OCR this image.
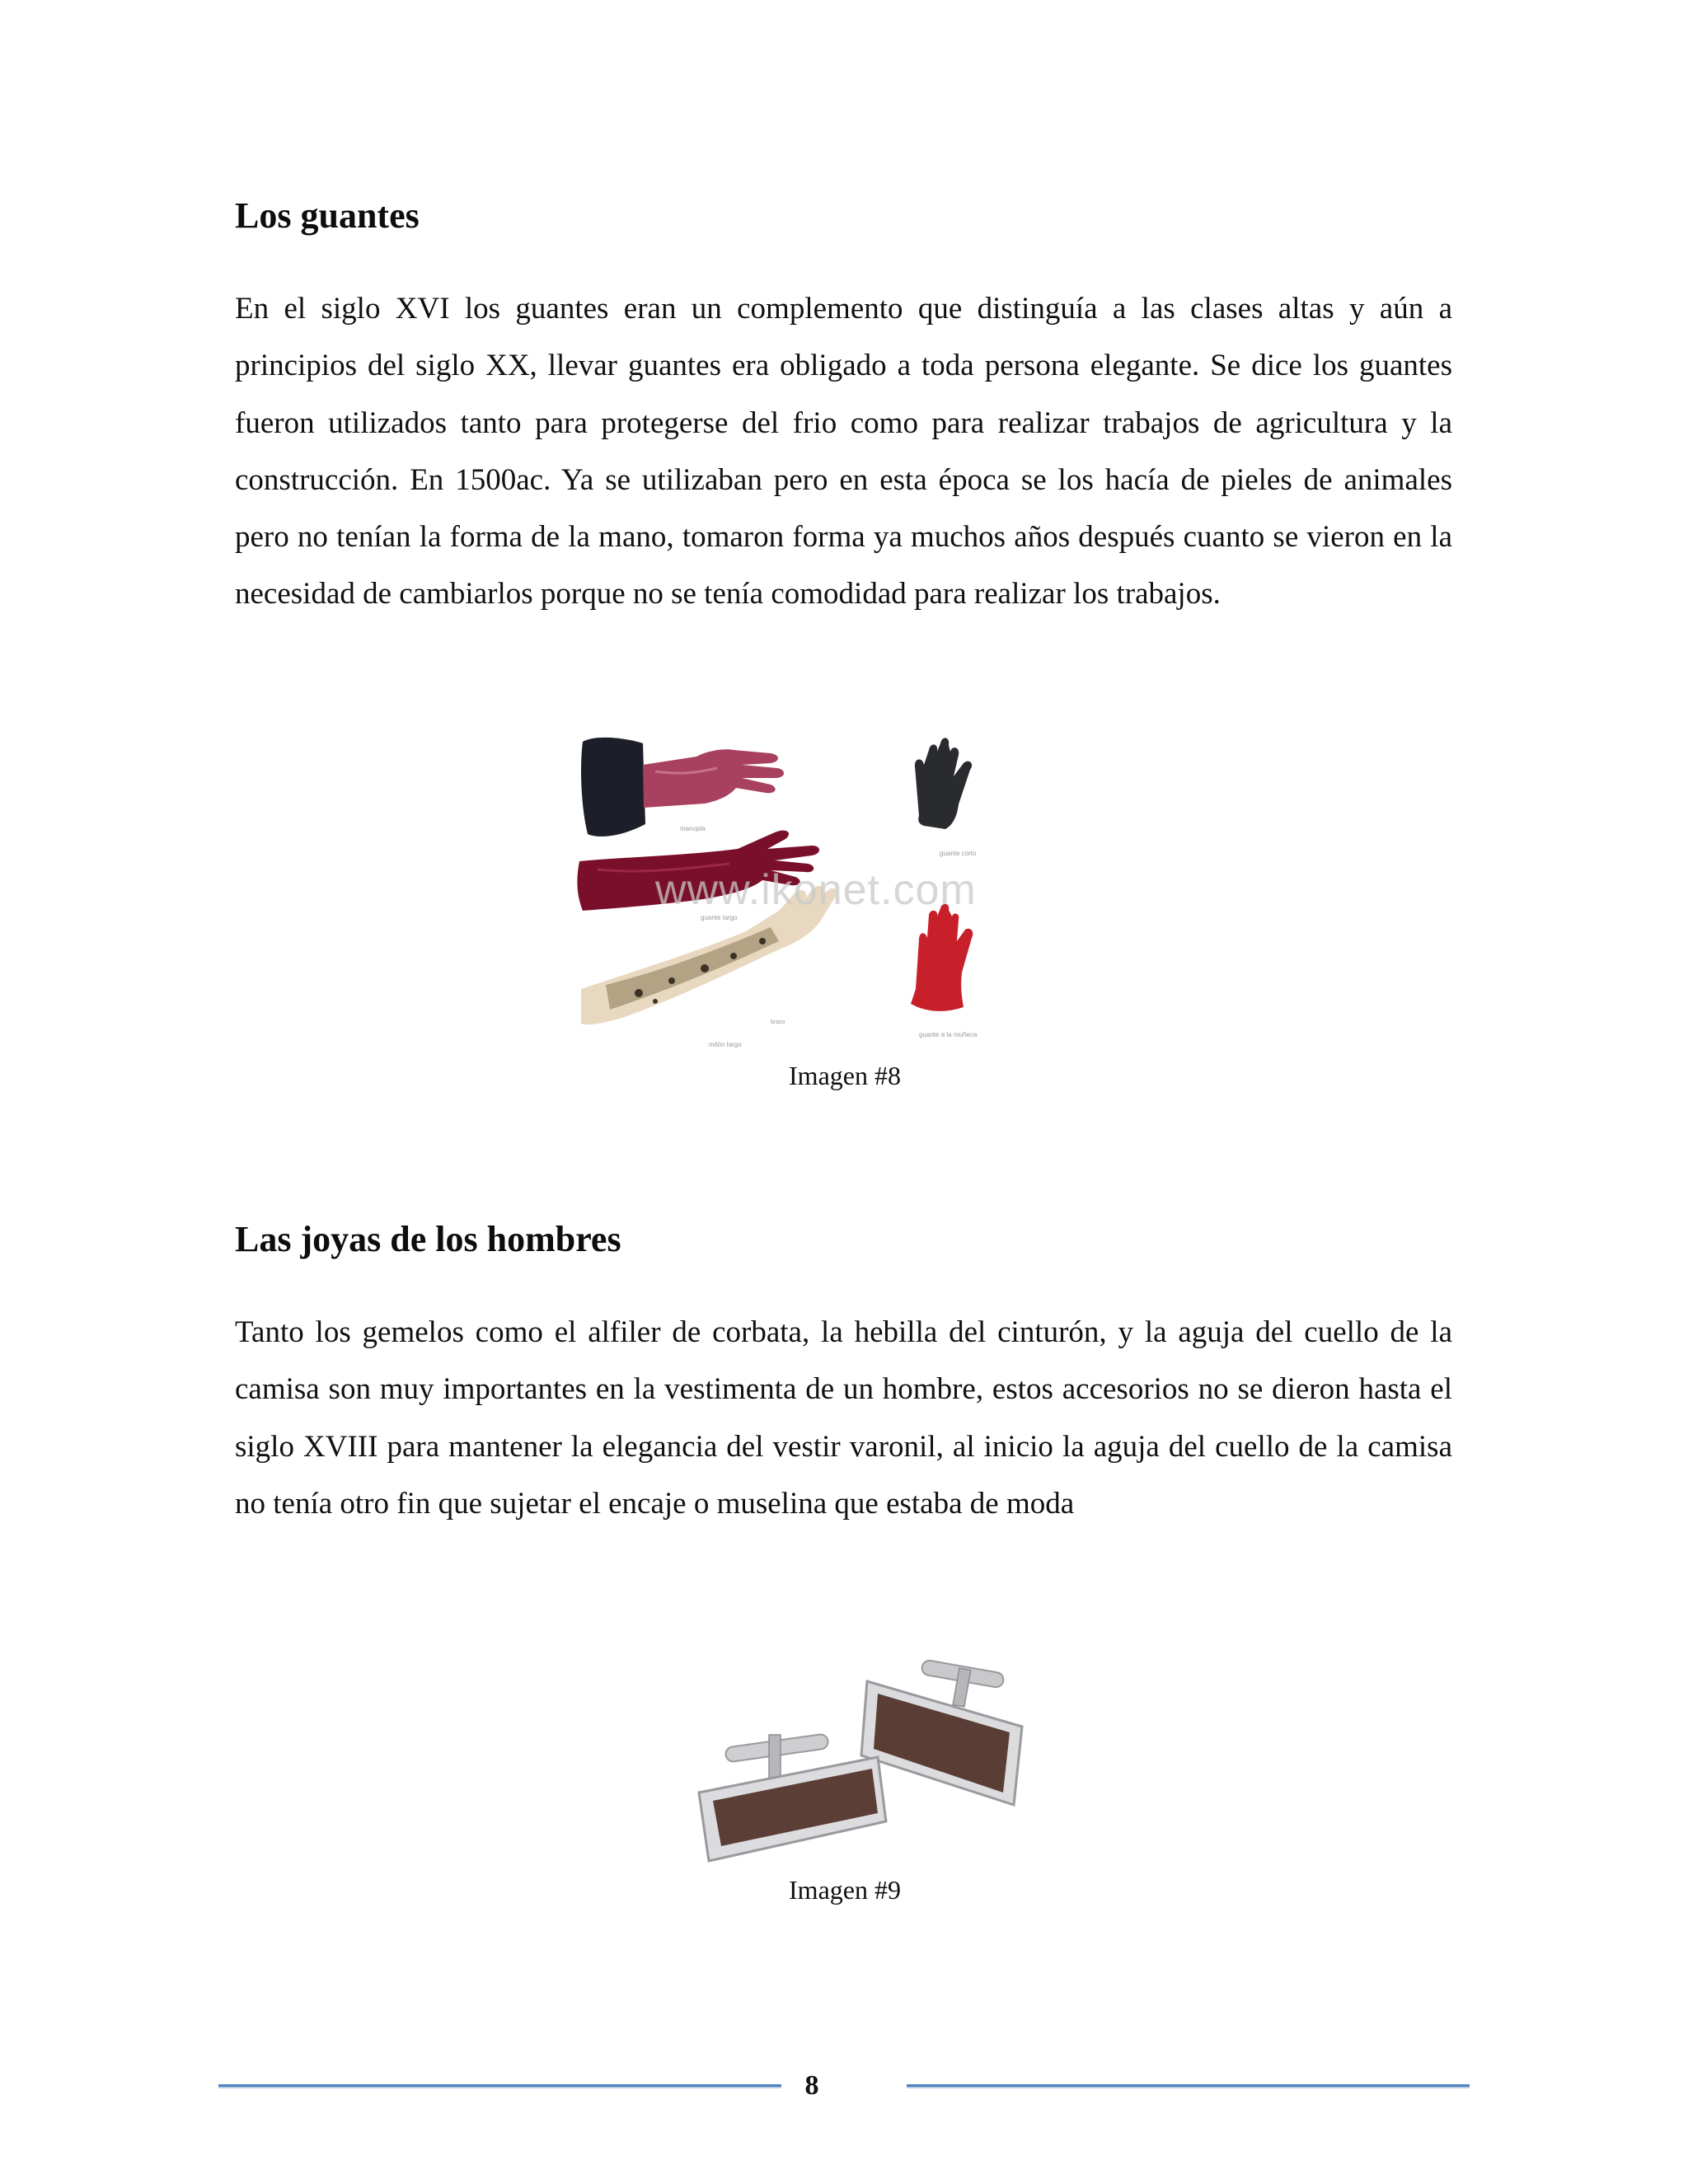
Los guantes

En el siglo XVI los guantes eran un complemento que distinguía a las clases altas y aún a principios del siglo XX, llevar guantes era obligado a toda persona elegante. Se dice los guantes fueron utilizados tanto para protegerse del frio como para realizar trabajos de agricultura y la construcción. En 1500ac. Ya se utilizaban pero en esta época se los hacía de pieles de animales pero no tenían la forma de la mano, tomaron forma ya muchos años después cuanto se vieron en la necesidad de cambiarlos porque no se tenía comodidad para realizar los trabajos.

manopla
guante corto
guante largo
mitón largo
brazo
guante a la muñeca
www.ikonet.com
Imagen #8
Las joyas de los hombres

Tanto los gemelos como el alfiler de corbata, la hebilla del cinturón, y la aguja del cuello de la camisa son muy importantes en la vestimenta de un hombre, estos accesorios no se dieron hasta el siglo XVIII para mantener la elegancia del vestir varonil, al inicio la aguja del cuello de la camisa no tenía otro fin que sujetar el encaje o muselina que estaba de moda

Imagen #9
8
